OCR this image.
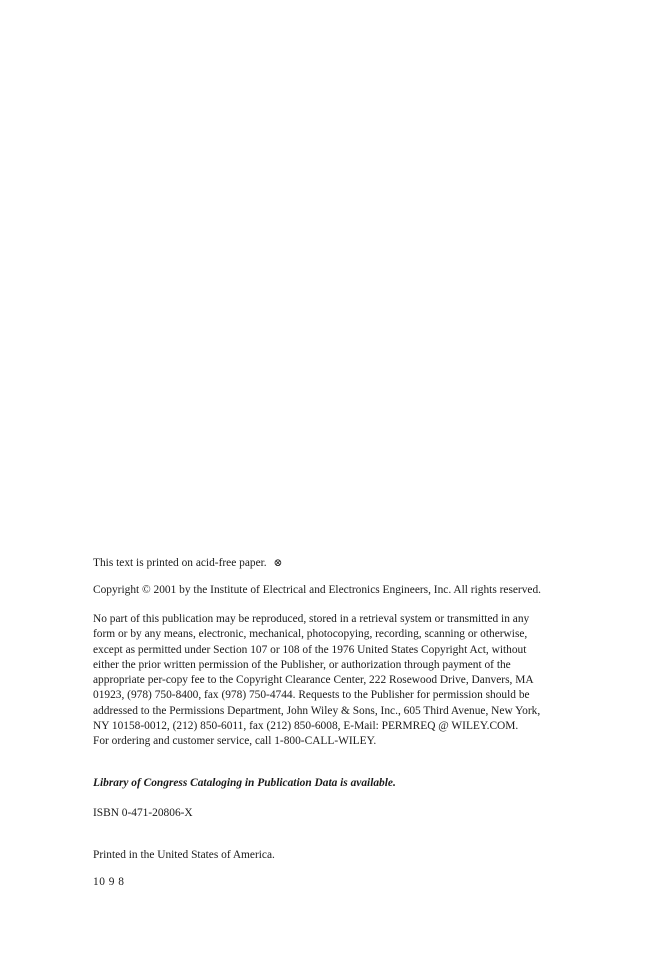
This text is printed on acid-free paper. ⊗

Copyright © 2001 by the Institute of Electrical and Electronics Engineers, Inc. All rights reserved.

No part of this publication may be reproduced, stored in a retrieval system or transmitted in any
form or by any means, electronic, mechanical, photocopying, recording, scanning or otherwise,
except as permitted under Section 107 or 108 of the 1976 United States Copyright Act, without
either the prior written permission of the Publisher, or authorization through payment of the
appropriate per-copy fee to the Copyright Clearance Center, 222 Rosewood Drive, Danvers, MA
01923, (978) 750-8400, fax (978) 750-4744. Requests to the Publisher for permission should be
addressed to the Permissions Department, John Wiley & Sons, Inc., 605 Third Avenue, New York,
NY 10158-0012, (212) 850-6011, fax (212) 850-6008, E-Mail: PERMREQ @ WILEY.COM.

For ordering and customer service, call 1-800-CALL-WILEY.

Library of Congress Cataloging in Publication Data is available.

ISBN 0-471-20806-X

Printed in the United States of America.

10 9 8
